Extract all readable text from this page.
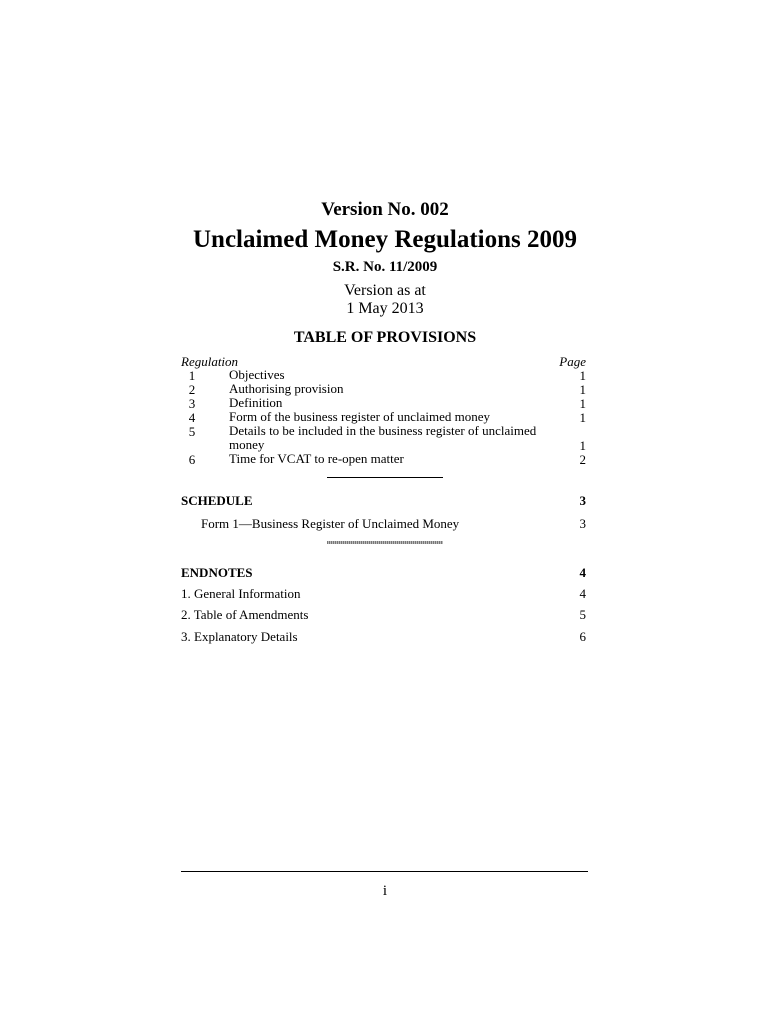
Version No. 002
Unclaimed Money Regulations 2009
S.R. No. 11/2009
Version as at
1 May 2013
TABLE OF PROVISIONS
Regulation	Page
1	Objectives	1
2	Authorising provision	1
3	Definition	1
4	Form of the business register of unclaimed money	1
5	Details to be included in the business register of unclaimed
money	1
6	Time for VCAT to re-open matter	2
SCHEDULE	3
Form 1—Business Register of Unclaimed Money	3
ENDNOTES	4
1. General Information	4
2. Table of Amendments	5
3. Explanatory Details	6
i
